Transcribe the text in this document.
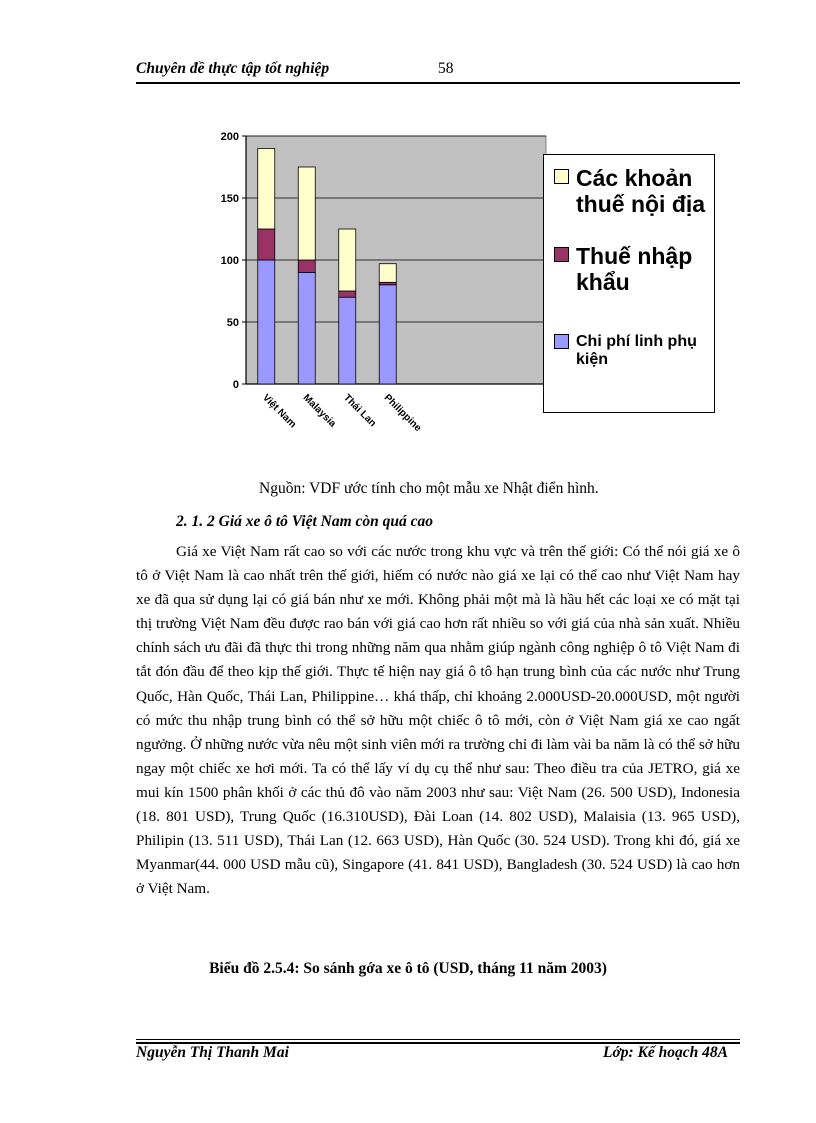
Chuyên đề thực tập tốt nghiệp	58
0
50
100
150
200
Việt Nam Malaysia Thái Lan Philippine
Các khoản thuế nội địa
Thuế nhập khẩu
Chi phí linh phụ kiện
Nguồn: VDF ước tính cho một mẫu xe Nhật điển hình.
2. 1. 2 Giá xe ô tô Việt Nam còn quá cao

Giá xe Việt Nam rất cao so với các nước trong khu vực và trên thế giới: Có thể nói giá xe ô tô ở Việt Nam là cao nhất trên thế giới, hiếm có nước nào giá xe lại có thể cao như Việt Nam hay xe đã qua sử dụng lại có giá bán như xe mới. Không phải một mà là hầu hết các loại xe có mặt tại thị trường Việt Nam đều được rao bán với giá cao hơn rất nhiều so với giá của nhà sản xuất. Nhiều chính sách ưu đãi đã thực thi trong những năm qua nhằm giúp ngành công nghiệp ô tô Việt Nam đi tắt đón đầu để theo kịp thế giới. Thực tế hiện nay giá ô tô hạn trung bình của các nước như Trung Quốc, Hàn Quốc, Thái Lan, Philippine… khá thấp, chỉ khoảng 2.000USD-20.000USD, một người có mức thu nhập trung bình có thể sở hữu một chiếc ô tô mới, còn ở Việt Nam giá xe cao ngất ngưởng. Ở những nước vừa nêu một sinh viên mới ra trường chỉ đi làm vài ba năm là có thể sở hữu ngay một chiếc xe hơi mới. Ta có thể lấy ví dụ cụ thể như sau: Theo điều tra của JETRO, giá xe mui kín 1500 phân khối ở các thủ đô vào năm 2003 như sau: Việt Nam (26. 500 USD), Indonesia (18. 801 USD), Trung Quốc (16.310USD), Đài Loan (14. 802 USD), Malaisia (13. 965 USD), Philipin (13. 511 USD), Thái Lan (12. 663 USD), Hàn Quốc (30. 524 USD). Trong khi đó, giá xe Myanmar(44. 000 USD mẫu cũ), Singapore (41. 841 USD), Bangladesh (30. 524 USD) là cao hơn ở Việt Nam.

Biểu đồ 2.5.4: So sánh gớa xe ô tô (USD, tháng 11 năm 2003)
Nguyễn Thị Thanh Mai	Lớp: Kế hoạch 48A
